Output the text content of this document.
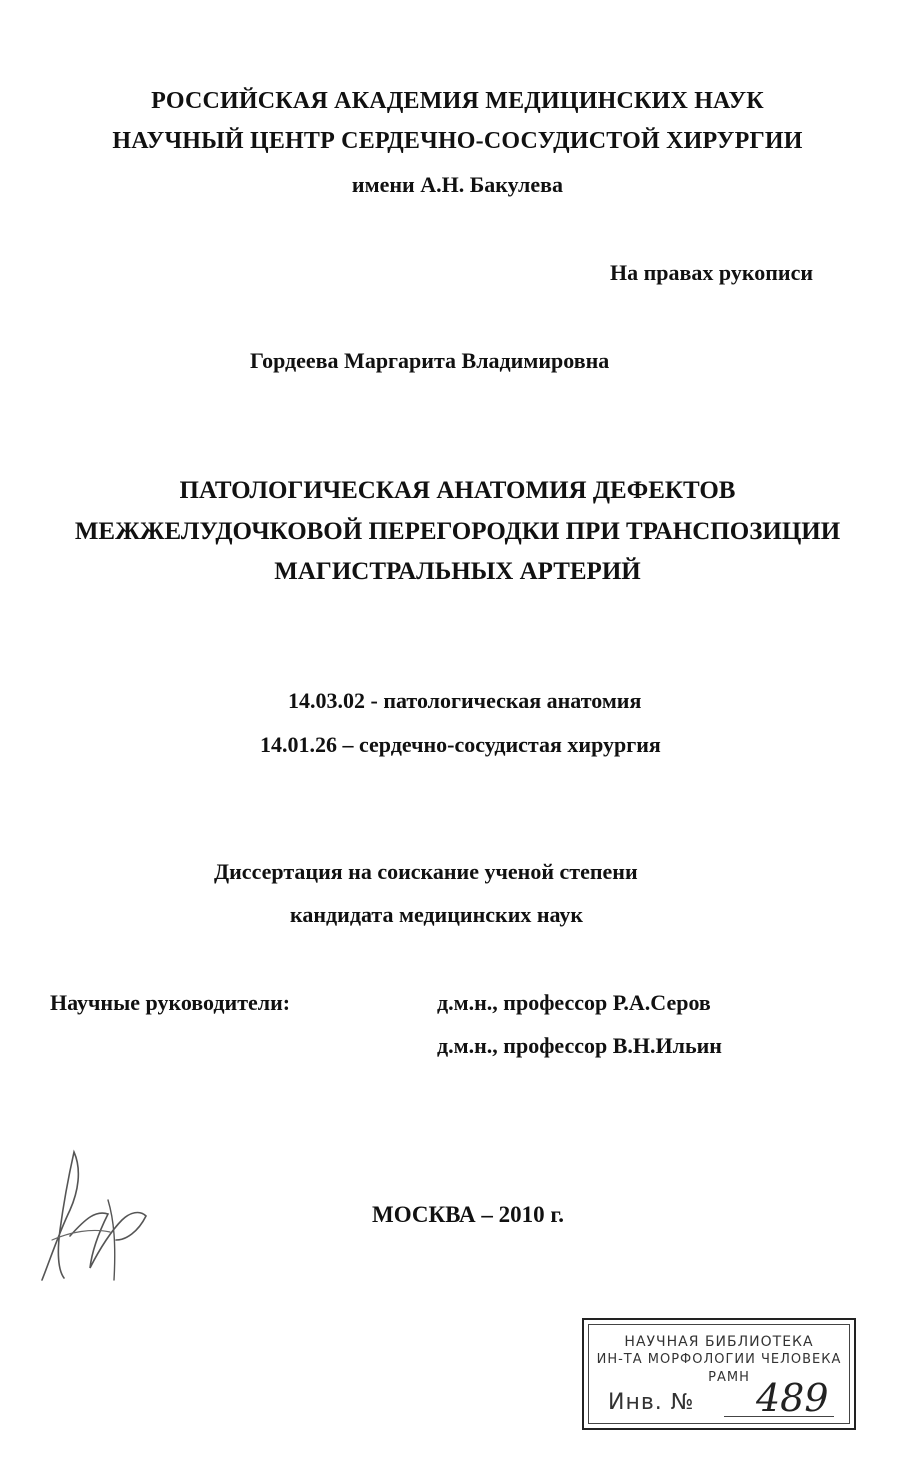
РОССИЙСКАЯ АКАДЕМИЯ МЕДИЦИНСКИХ НАУК
НАУЧНЫЙ ЦЕНТР СЕРДЕЧНО-СОСУДИСТОЙ ХИРУРГИИ
имени А.Н. Бакулева
На правах рукописи
Гордеева Маргарита Владимировна
ПАТОЛОГИЧЕСКАЯ АНАТОМИЯ ДЕФЕКТОВ
МЕЖЖЕЛУДОЧКОВОЙ ПЕРЕГОРОДКИ ПРИ ТРАНСПОЗИЦИИ
МАГИСТРАЛЬНЫХ АРТЕРИЙ
14.03.02 - патологическая анатомия
14.01.26 – сердечно-сосудистая хирургия
Диссертация на соискание ученой степени
кандидата медицинских наук
Научные руководители:	д.м.н., профессор Р.А.Серов
д.м.н., профессор В.Н.Ильин
МОСКВА – 2010 г.
НАУЧНАЯ БИБЛИОТЕКА
ИН-ТА МОРФОЛОГИИ ЧЕЛОВЕКА
РАМН
Инв. № 489
